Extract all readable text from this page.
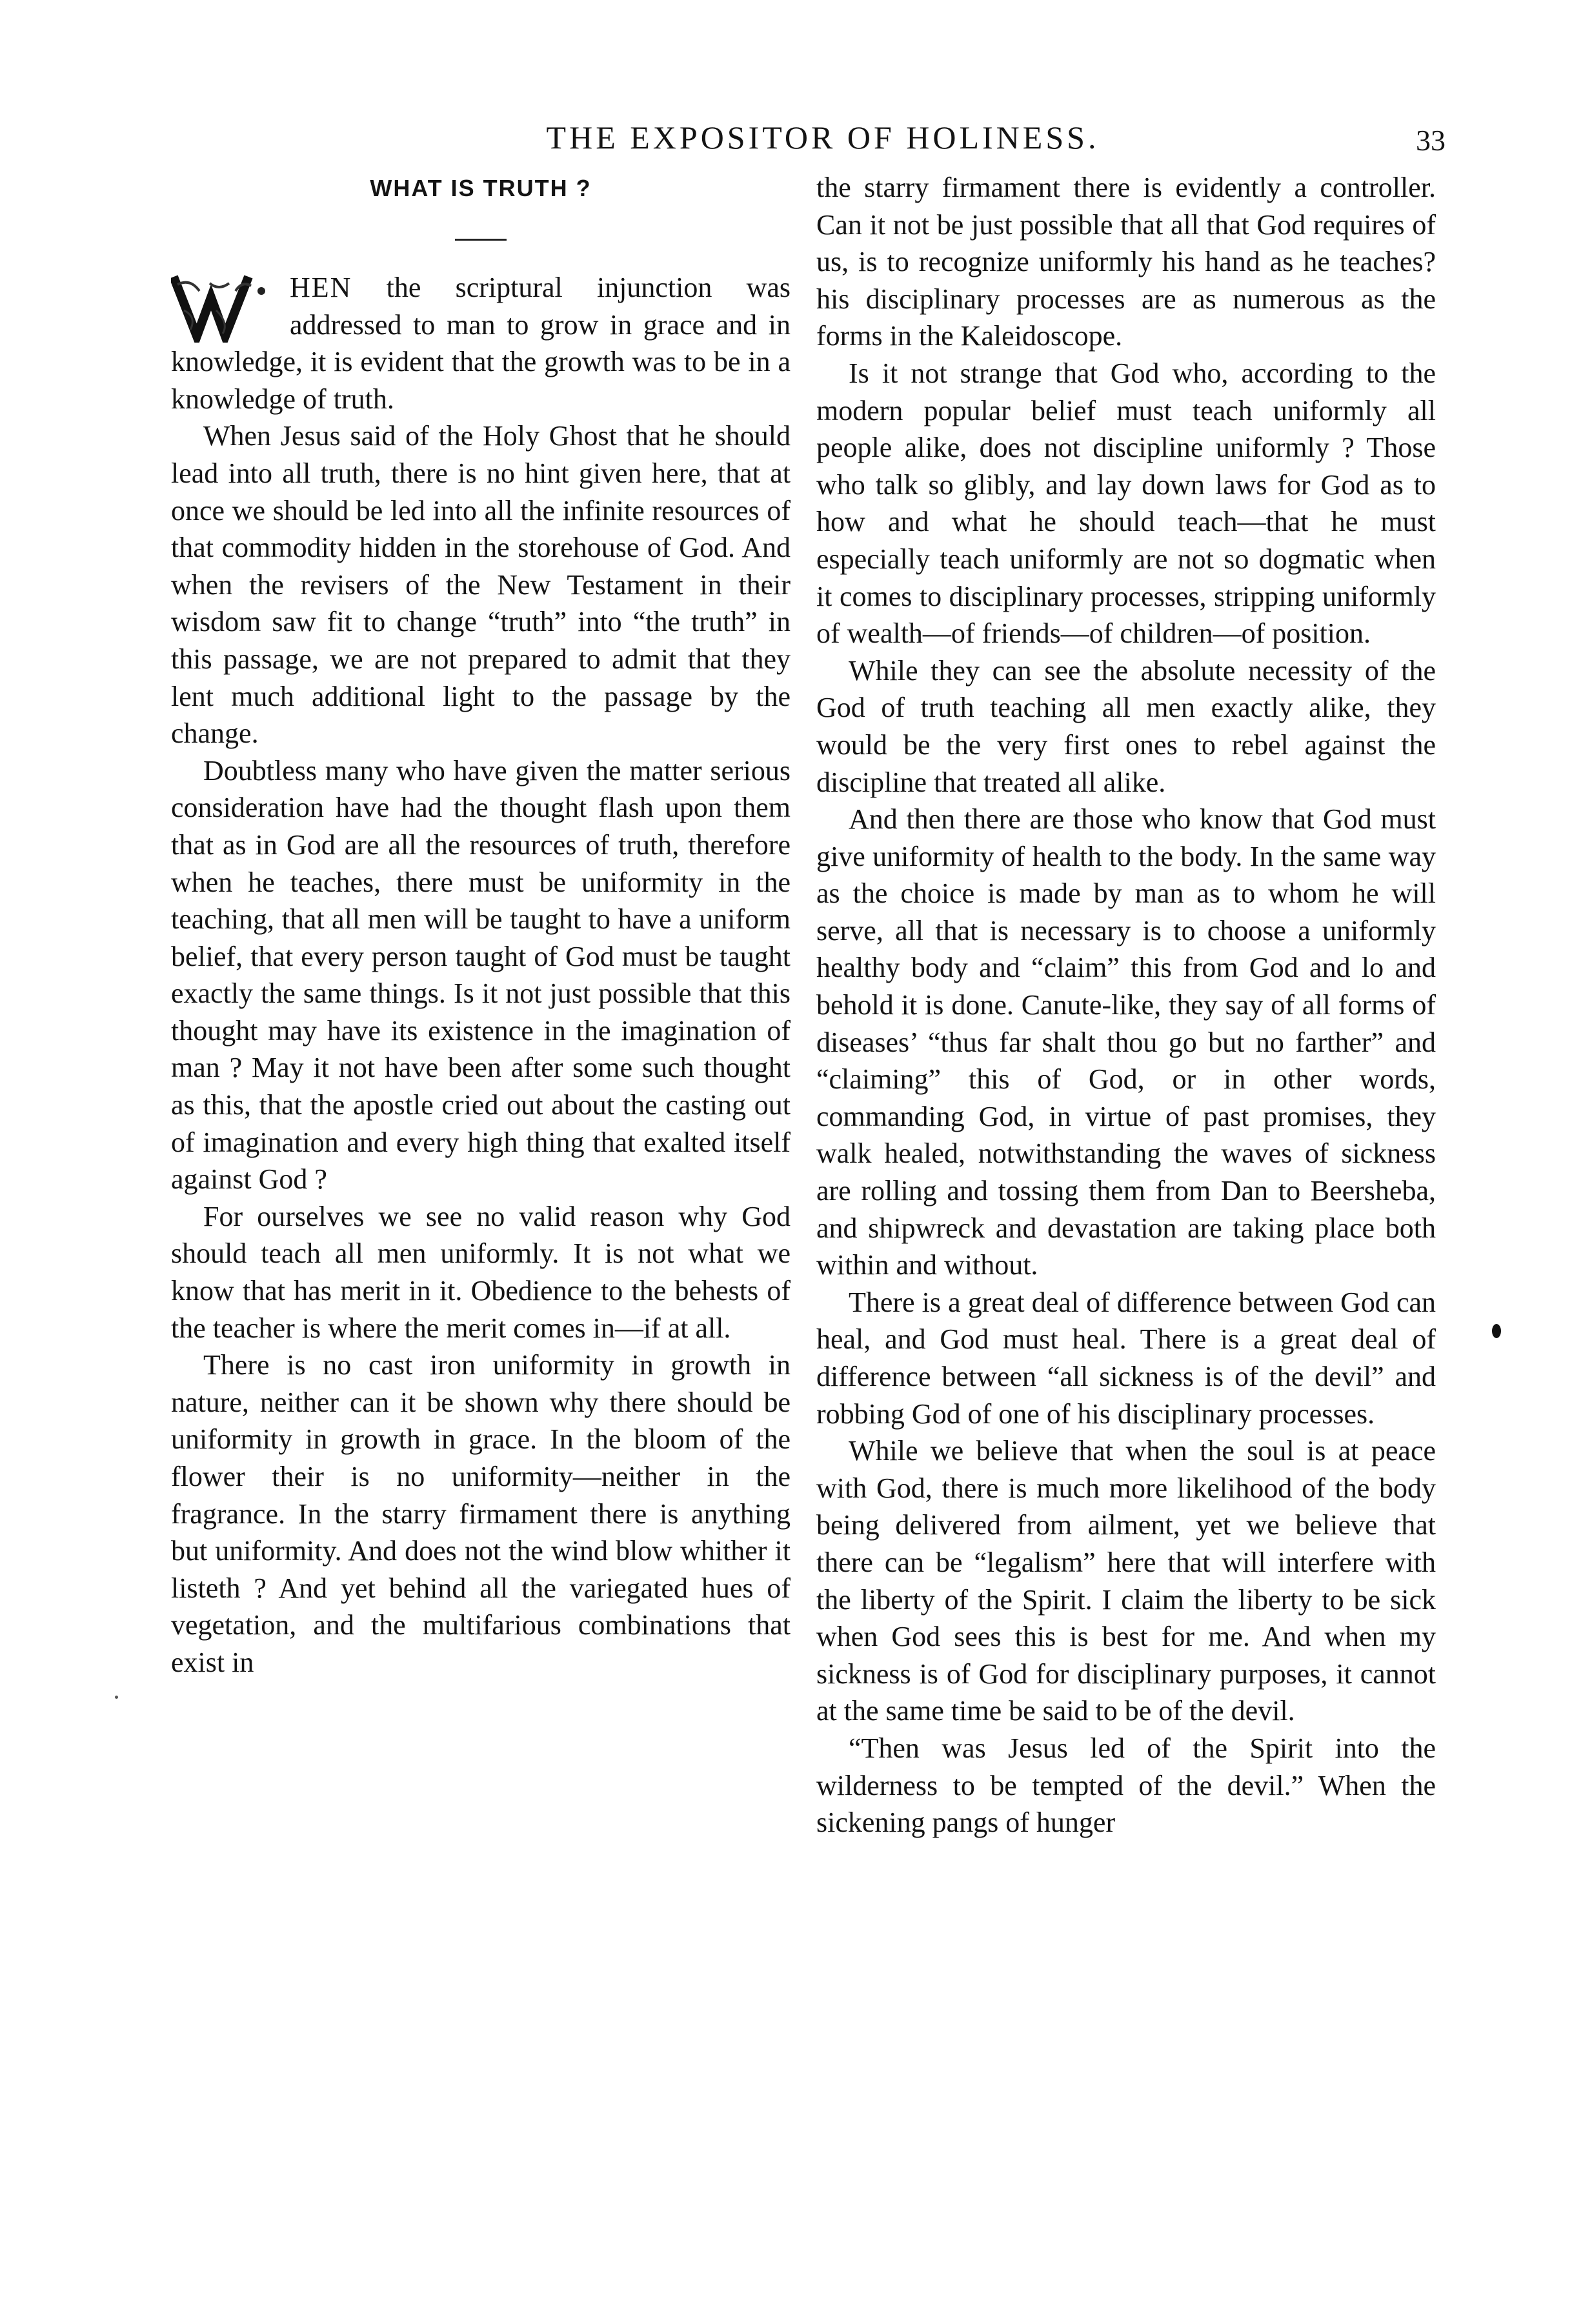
THE EXPOSITOR OF HOLINESS.	33
WHAT IS TRUTH ?

HEN the scriptural injunction was addressed to man to grow in grace and in knowledge, it is evident that the growth was to be in a knowledge of truth.

When Jesus said of the Holy Ghost that he should lead into all truth, there is no hint given here, that at once we should be led into all the infinite resources of that commodity hidden in the storehouse of God. And when the revisers of the New Testament in their wisdom saw fit to change “truth” into “the truth” in this passage, we are not prepared to admit that they lent much additional light to the passage by the change.

Doubtless many who have given the matter serious consideration have had the thought flash upon them that as in God are all the resources of truth, therefore when he teaches, there must be uniformity in the teaching, that all men will be taught to have a uniform belief, that every person taught of God must be taught exactly the same things. Is it not just possible that this thought may have its existence in the imagination of man ? May it not have been after some such thought as this, that the apostle cried out about the casting out of imagination and every high thing that exalted itself against God ?

For ourselves we see no valid reason why God should teach all men uniformly. It is not what we know that has merit in it. Obedience to the behests of the teacher is where the merit comes in—if at all.

There is no cast iron uniformity in growth in nature, neither can it be shown why there should be uniformity in growth in grace. In the bloom of the flower their is no uniformity—neither in the fragrance. In the starry firmament there is anything but uniformity. And does not the wind blow whither it listeth ? And yet behind all the variegated hues of vegetation, and the multifarious combinations that exist in

the starry firmament there is evidently a controller. Can it not be just possible that all that God requires of us, is to recognize uniformly his hand as he teaches? his disciplinary processes are as numerous as the forms in the Kaleidoscope.

Is it not strange that God who, according to the modern popular belief must teach uniformly all people alike, does not discipline uniformly ? Those who talk so glibly, and lay down laws for God as to how and what he should teach—that he must especially teach uniformly are not so dogmatic when it comes to disciplinary processes, stripping uniformly of wealth—of friends—of children—of position.

While they can see the absolute necessity of the God of truth teaching all men exactly alike, they would be the very first ones to rebel against the discipline that treated all alike.

And then there are those who know that God must give uniformity of health to the body. In the same way as the choice is made by man as to whom he will serve, all that is necessary is to choose a uniformly healthy body and “claim” this from God and lo and behold it is done. Canute-like, they say of all forms of diseases’ “thus far shalt thou go but no farther” and “claiming” this of God, or in other words, commanding God, in virtue of past promises, they walk healed, notwithstanding the waves of sickness are rolling and tossing them from Dan to Beersheba, and shipwreck and devastation are taking place both within and without.

There is a great deal of difference between God can heal, and God must heal. There is a great deal of difference between “all sickness is of the devil” and robbing God of one of his disciplinary processes.

While we believe that when the soul is at peace with God, there is much more likelihood of the body being delivered from ailment, yet we believe that there can be “legalism” here that will interfere with the liberty of the Spirit. I claim the liberty to be sick when God sees this is best for me. And when my sickness is of God for disciplinary purposes, it cannot at the same time be said to be of the devil.

“Then was Jesus led of the Spirit into the wilderness to be tempted of the devil.” When the sickening pangs of hunger
